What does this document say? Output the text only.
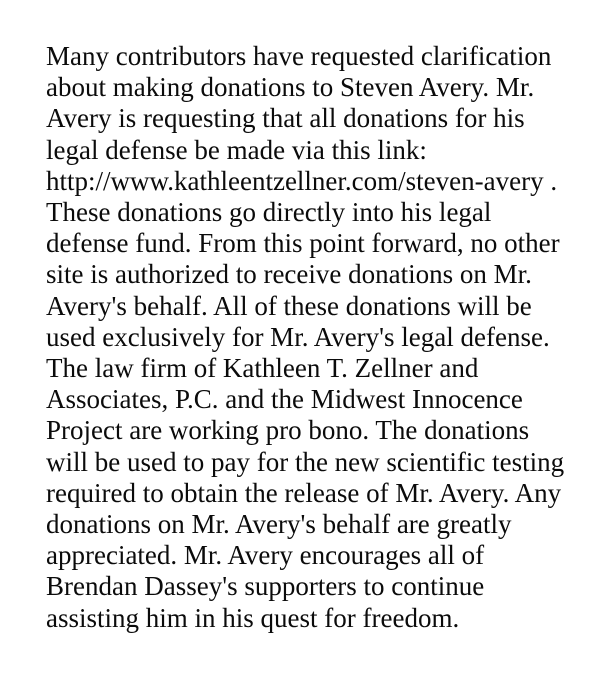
Many contributors have requested clarification
about making donations to Steven Avery. Mr.
Avery is requesting that all donations for his
legal defense be made via this link:
http://www.kathleentzellner.com/steven-avery .
These donations go directly into his legal
defense fund. From this point forward, no other
site is authorized to receive donations on Mr.
Avery's behalf. All of these donations will be
used exclusively for Mr. Avery's legal defense.
The law firm of Kathleen T. Zellner and
Associates, P.C. and the Midwest Innocence
Project are working pro bono. The donations
will be used to pay for the new scientific testing
required to obtain the release of Mr. Avery. Any
donations on Mr. Avery's behalf are greatly
appreciated. Mr. Avery encourages all of
Brendan Dassey's supporters to continue
assisting him in his quest for freedom.
